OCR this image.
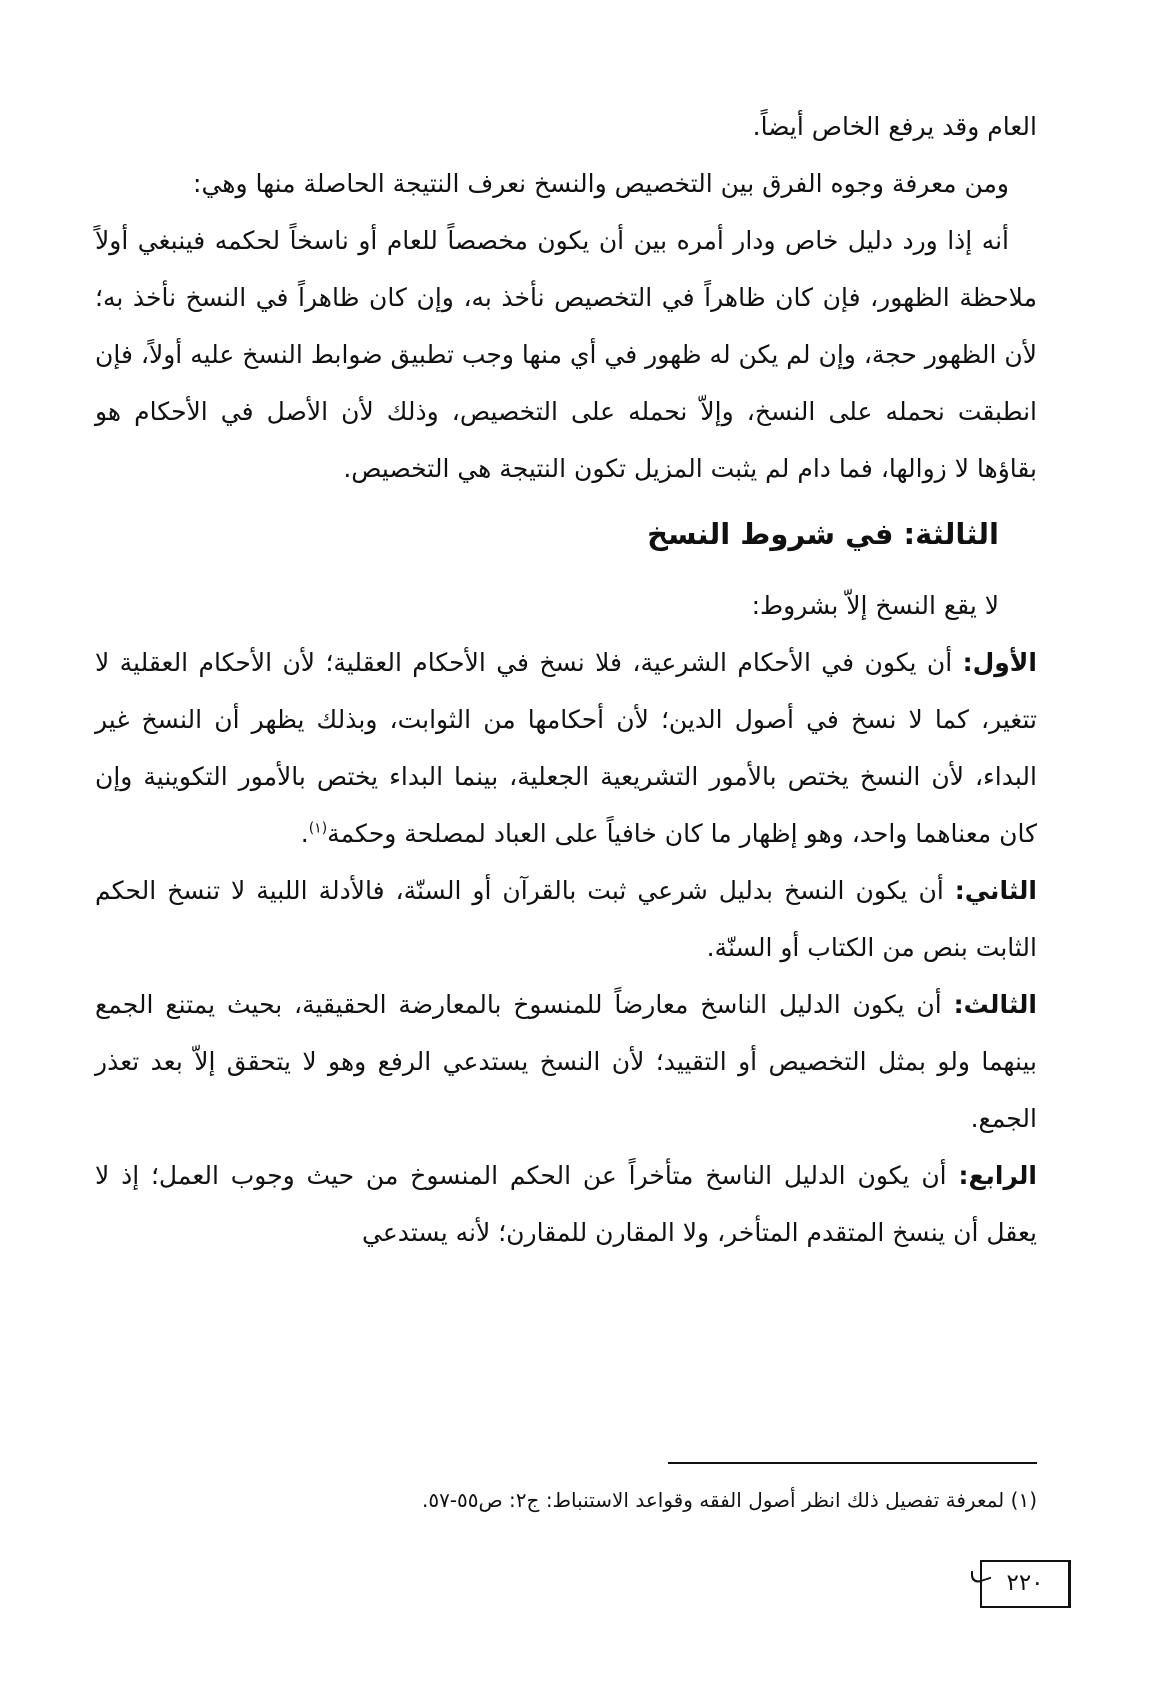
العام وقد يرفع الخاص أيضاً.

ومن معرفة وجوه الفرق بين التخصيص والنسخ نعرف النتيجة الحاصلة منها وهي:

أنه إذا ورد دليل خاص ودار أمره بين أن يكون مخصصاً للعام أو ناسخاً لحكمه فينبغي أولاً ملاحظة الظهور، فإن كان ظاهراً في التخصيص نأخذ به، وإن كان ظاهراً في النسخ نأخذ به؛ لأن الظهور حجة، وإن لم يكن له ظهور في أي منها وجب تطبيق ضوابط النسخ عليه أولاً، فإن انطبقت نحمله على النسخ، وإلاّ نحمله على التخصيص، وذلك لأن الأصل في الأحكام هو بقاؤها لا زوالها، فما دام لم يثبت المزيل تكون النتيجة هي التخصيص.

الثالثة: في شروط النسخ

لا يقع النسخ إلاّ بشروط:

الأول: أن يكون في الأحكام الشرعية، فلا نسخ في الأحكام العقلية؛ لأن الأحكام العقلية لا تتغير، كما لا نسخ في أصول الدين؛ لأن أحكامها من الثوابت، وبذلك يظهر أن النسخ غير البداء، لأن النسخ يختص بالأمور التشريعية الجعلية، بينما البداء يختص بالأمور التكوينية وإن كان معناهما واحد، وهو إظهار ما كان خافياً على العباد لمصلحة وحكمة$^{(١)}$.

الثاني: أن يكون النسخ بدليل شرعي ثبت بالقرآن أو السنّة، فالأدلة اللبية لا تنسخ الحكم الثابت بنص من الكتاب أو السنّة.

الثالث: أن يكون الدليل الناسخ معارضاً للمنسوخ بالمعارضة الحقيقية، بحيث يمتنع الجمع بينهما ولو بمثل التخصيص أو التقييد؛ لأن النسخ يستدعي الرفع وهو لا يتحقق إلاّ بعد تعذر الجمع.

الرابع: أن يكون الدليل الناسخ متأخراً عن الحكم المنسوخ من حيث وجوب العمل؛ إذ لا يعقل أن ينسخ المتقدم المتأخر، ولا المقارن للمقارن؛ لأنه يستدعي

(١) لمعرفة تفصيل ذلك انظر أصول الفقه وقواعد الاستنباط: ج٢: ص٥٥-٥٧.
٢٢٠
